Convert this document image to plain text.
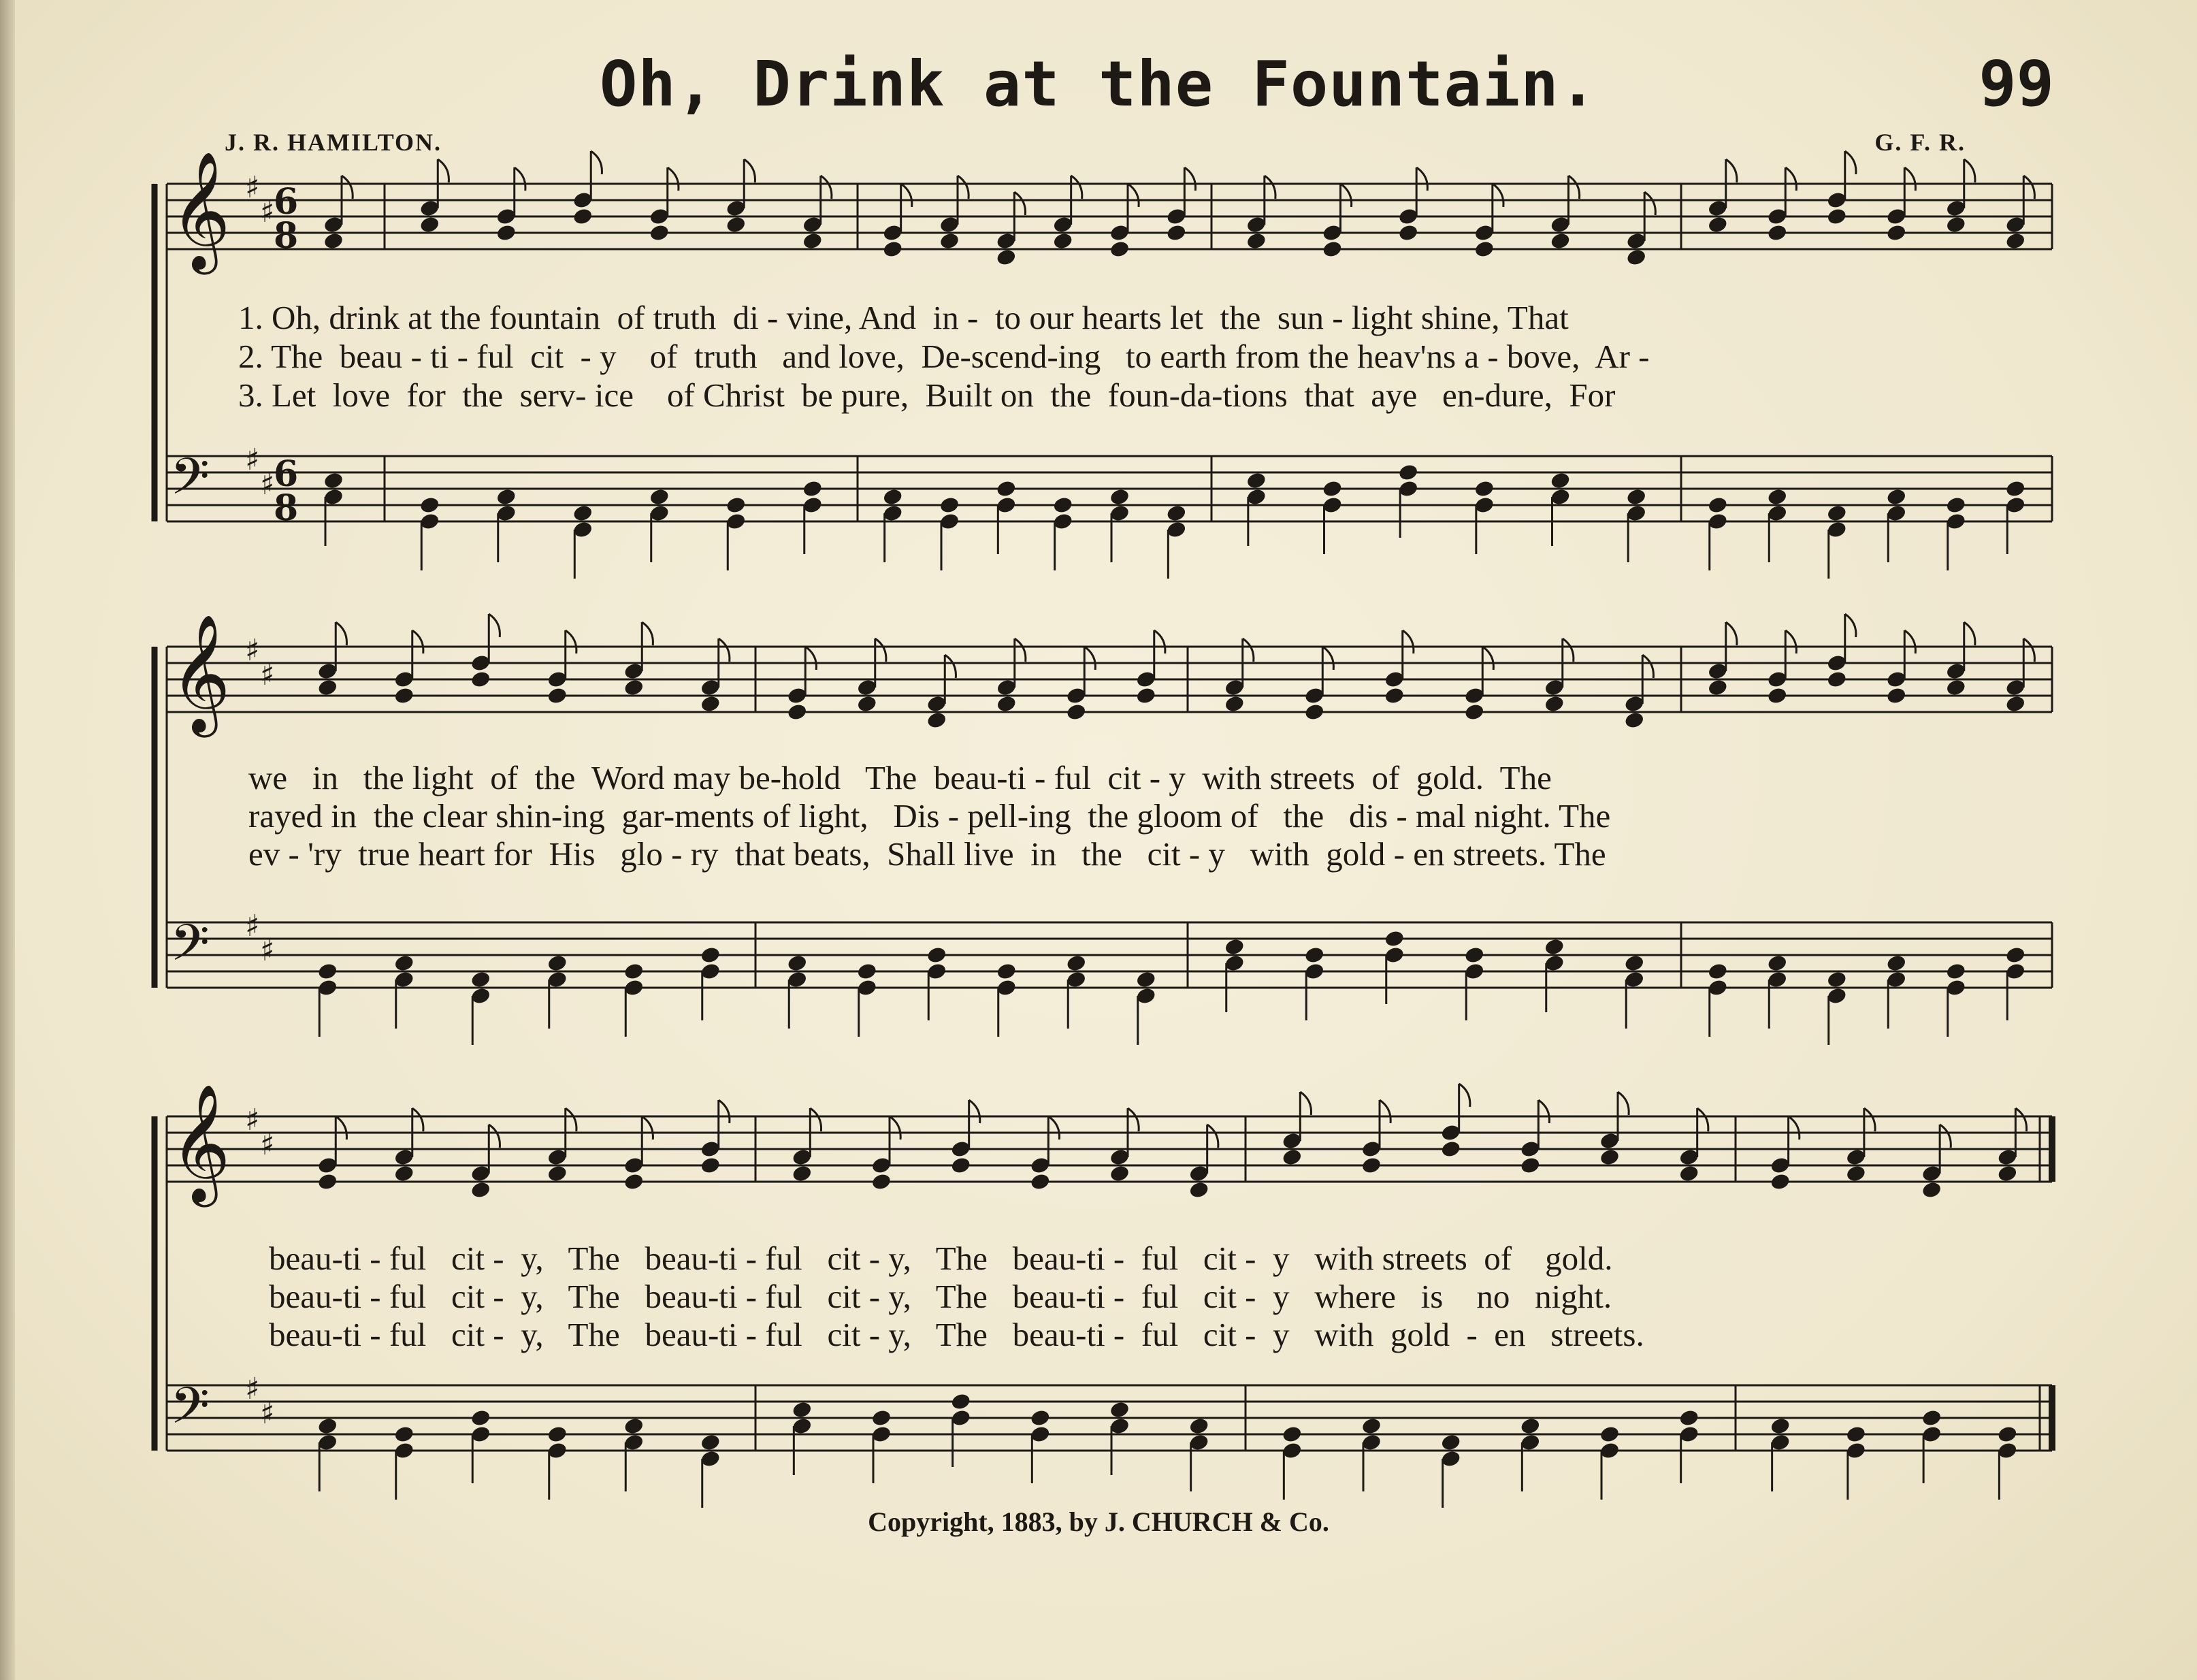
Oh, Drink at the Fountain.	99
J. R. HAMILTON.	G. F. R.
𝄞 ♯
♯
𝄢 ♯
♯
𝄞 ♯
♯
𝄢 ♯
♯
𝄞 ♯
♯
𝄢 ♯
♯
6
8
6
8
1. Oh, drink at the fountain  of truth  di - vine, And  in -  to our hearts let  the  sun - light shine, That
2. The  beau - ti - ful  cit  - y    of  truth   and love,  De-scend-ing   to earth from the heav'ns a - bove,  Ar -
3. Let  love  for  the  serv- ice    of Christ  be pure,  Built on  the  foun-da-tions  that  aye   en-dure,  For
we   in   the light  of  the  Word may be-hold   The  beau-ti - ful  cit - y  with streets  of  gold.  The
rayed in  the clear shin-ing  gar-ments of light,   Dis - pell-ing  the gloom of   the   dis - mal night. The
ev - 'ry  true heart for  His   glo - ry  that beats,  Shall live  in   the   cit - y   with  gold - en streets. The
beau-ti - ful   cit -  y,   The   beau-ti - ful   cit - y,   The   beau-ti -  ful   cit -  y   with streets  of    gold.
beau-ti - ful   cit -  y,   The   beau-ti - ful   cit - y,   The   beau-ti -  ful   cit -  y   where   is    no   night.
beau-ti - ful   cit -  y,   The   beau-ti - ful   cit - y,   The   beau-ti -  ful   cit -  y   with  gold  -  en   streets.
Copyright, 1883, by J. CHURCH & Co.
